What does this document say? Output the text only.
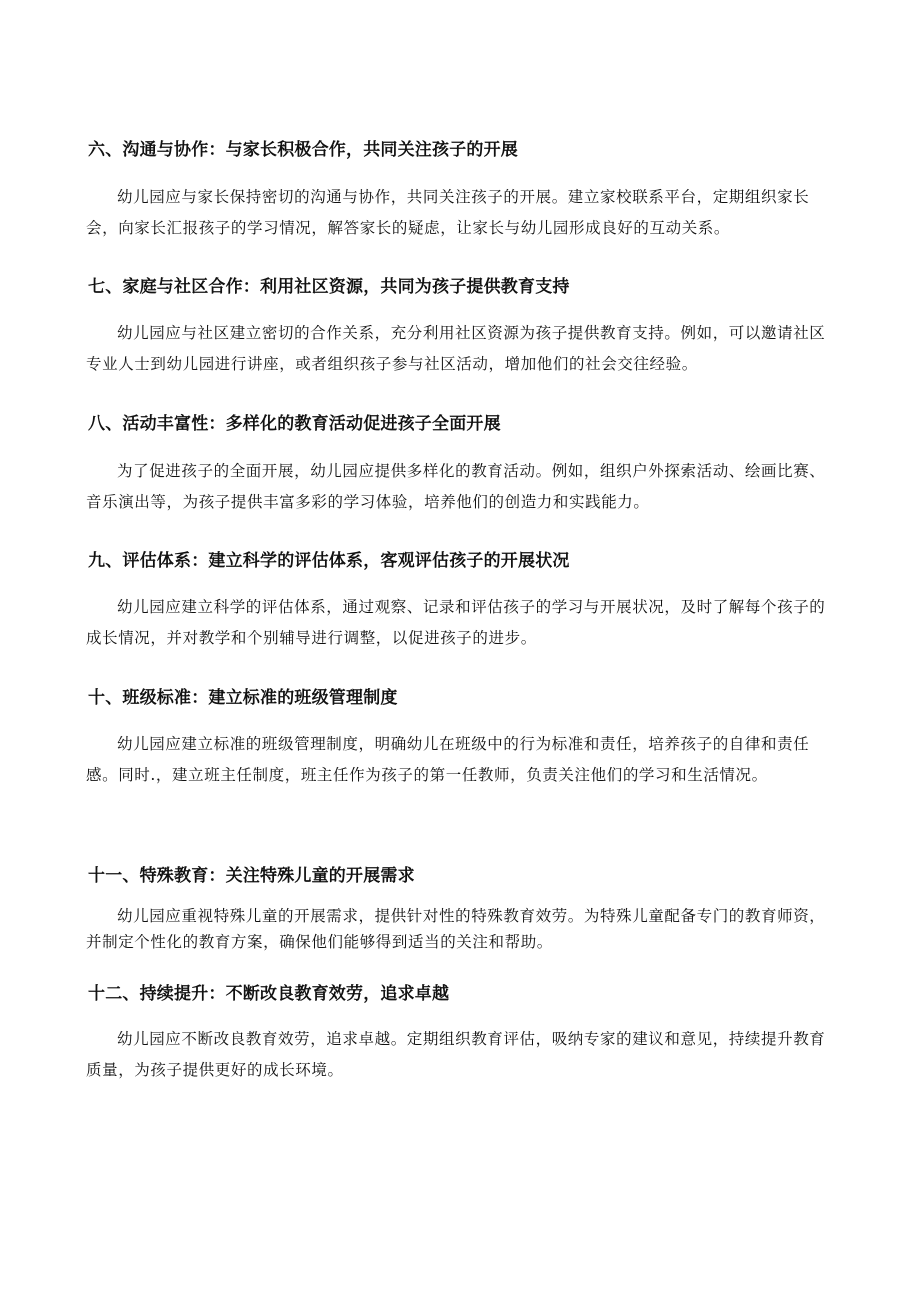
六、沟通与协作：与家长积极合作，共同关注孩子的开展

幼儿园应与家长保持密切的沟通与协作，共同关注孩子的开展。建立家校联系平台，定期组织家长会，向家长汇报孩子的学习情况，解答家长的疑虑，让家长与幼儿园形成良好的互动关系。

七、家庭与社区合作：利用社区资源，共同为孩子提供教育支持

幼儿园应与社区建立密切的合作关系，充分利用社区资源为孩子提供教育支持。例如，可以邀请社区专业人士到幼儿园进行讲座，或者组织孩子参与社区活动，增加他们的社会交往经验。

八、活动丰富性：多样化的教育活动促进孩子全面开展

为了促进孩子的全面开展，幼儿园应提供多样化的教育活动。例如，组织户外探索活动、绘画比赛、音乐演出等，为孩子提供丰富多彩的学习体验，培养他们的创造力和实践能力。

九、评估体系：建立科学的评估体系，客观评估孩子的开展状况

幼儿园应建立科学的评估体系，通过观察、记录和评估孩子的学习与开展状况，及时了解每个孩子的成长情况，并对教学和个别辅导进行调整，以促进孩子的进步。

十、班级标准：建立标准的班级管理制度

幼儿园应建立标准的班级管理制度，明确幼儿在班级中的行为标准和责任，培养孩子的自律和责任感。同时.，建立班主任制度，班主任作为孩子的第一任教师，负责关注他们的学习和生活情况。

十一、特殊教育：关注特殊儿童的开展需求

幼儿园应重视特殊儿童的开展需求，提供针对性的特殊教育效劳。为特殊儿童配备专门的教育师资，并制定个性化的教育方案，确保他们能够得到适当的关注和帮助。

十二、持续提升：不断改良教育效劳，追求卓越

幼儿园应不断改良教育效劳，追求卓越。定期组织教育评估，吸纳专家的建议和意见，持续提升教育质量，为孩子提供更好的成长环境。
